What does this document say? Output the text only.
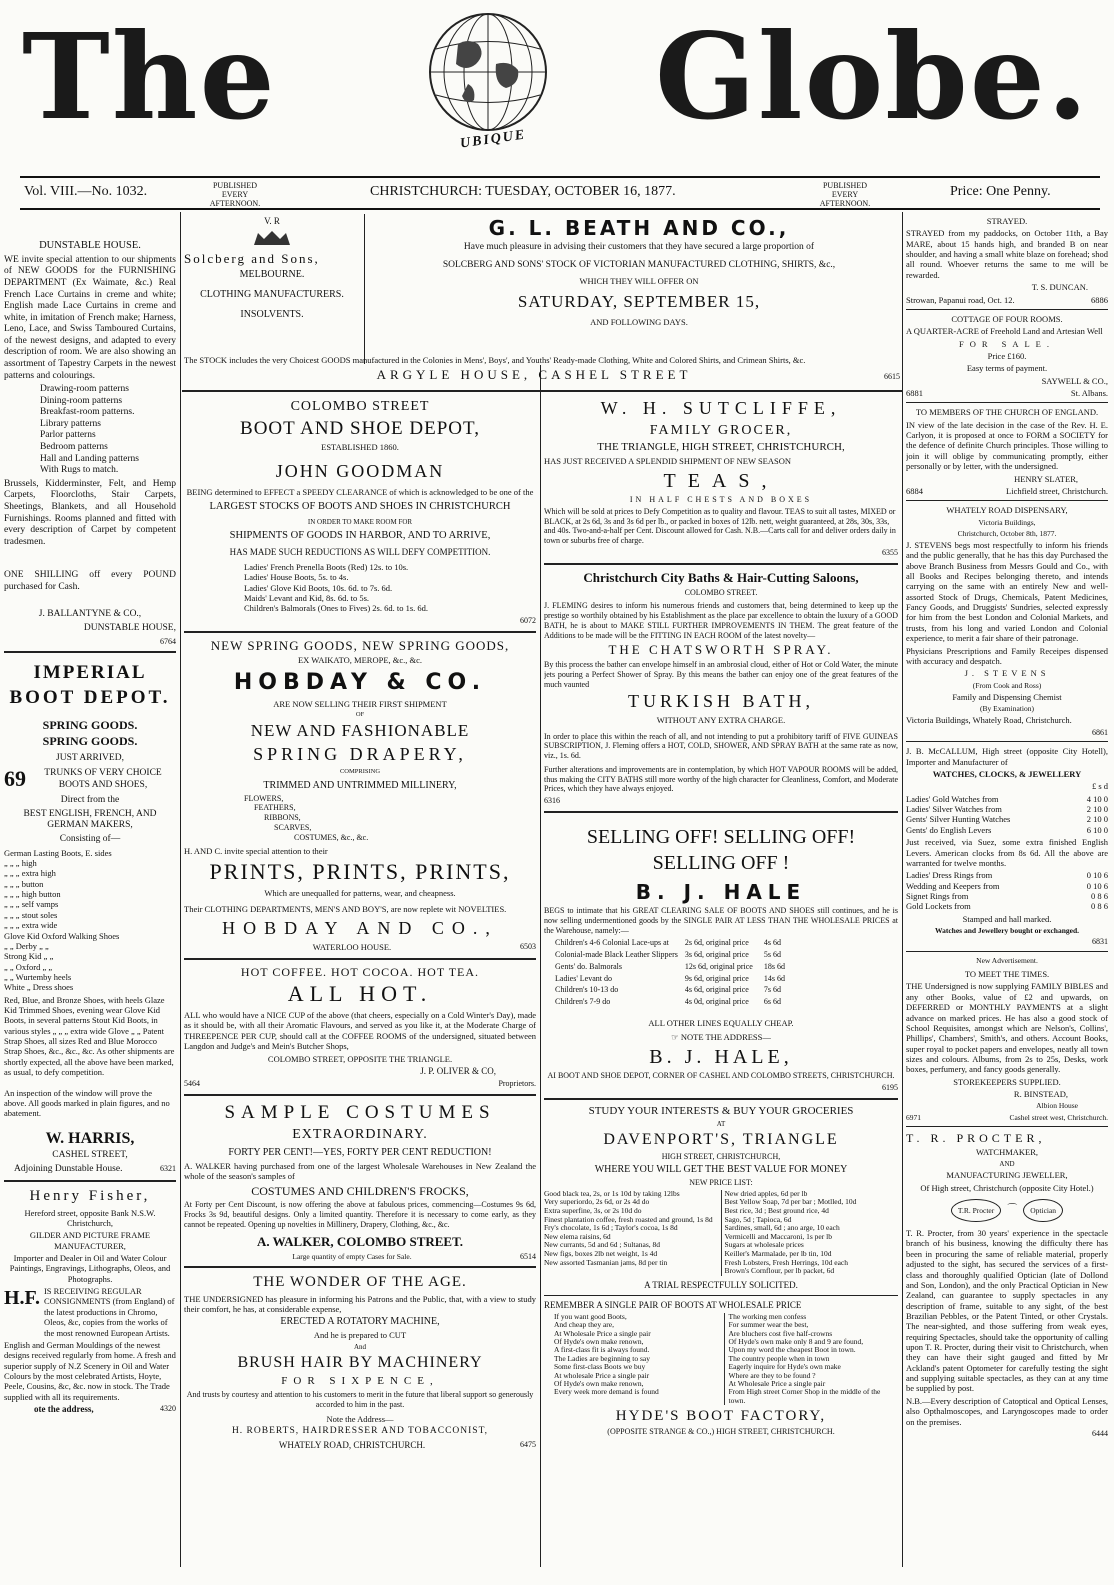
The	UBIQUE Globe.
Vol. VIII.—No. 1032.	PUBLISHED EVERY AFTERNOON.
CHRISTCHURCH: TUESDAY, OCTOBER 16, 1877.	PUBLISHED EVERY AFTERNOON.
Price: One Penny.

DUNSTABLE HOUSE.

WE invite special attention to our shipments of NEW GOODS for the FURNISHING DEPARTMENT (Ex Waimate, &c.) Real French Lace Curtains in creme and white; English made Lace Curtains in creme and white, in imitation of French make; Harness, Leno, Lace, and Swiss Tamboured Curtains, of the newest designs, and adapted to every description of room. We are also showing an assortment of Tapestry Carpets in the newest patterns and colourings.

Drawing-room patterns
Dining-room patterns
Breakfast-room patterns.
Library patterns
Parlor patterns
Bedroom patterns
Hall and Landing patterns
With Rugs to match.

Brussels, Kidderminster, Felt, and Hemp Carpets, Floorcloths, Stair Carpets, Sheetings, Blankets, and all Household Furnishings. Rooms planned and fitted with every description of Carpet by competent tradesmen.

ONE SHILLING off every POUND purchased for Cash.

J. BALLANTYNE & CO.,

DUNSTABLE HOUSE,

6764

IMPERIAL

BOOT DEPOT.

SPRING GOODS.

SPRING GOODS.

JUST ARRIVED,

69	TRUNKS OF VERY CHOICE BOOTS AND SHOES,

Direct from the

BEST ENGLISH, FRENCH, AND GERMAN MAKERS,

Consisting of—

German Lasting Boots, E. sides
„ „ „ high
„ „ „ extra high
„ „ „ button
„ „ „ high button
„ „ „ self vamps
„ „ „ stout soles
„ „ „ extra wide
Glove Kid Oxford Walking Shoes
„ „ Derby „ „
Strong Kid „ „
„ „ Oxford „ „
„ „ Wurtemby heels
White „ Dress shoes

Red, Blue, and Bronze Shoes, with heels Glaze Kid Trimmed Shoes, evening wear Glove Kid Boots, in several patterns Stout Kid Boots, in various styles „ „ „ extra wide Glove „ „ Patent Strap Shoes, all sizes Red and Blue Morocco Strap Shoes, &c., &c., &c. As other shipments are shortly expected, all the above have been marked, as usual, to defy competition.

An inspection of the window will prove the above. All goods marked in plain figures, and no abatement.

W. HARRIS,

CASHEL STREET,

Adjoining Dunstable House.	6321

Henry Fisher,

Hereford street, opposite Bank N.S.W. Christchurch,

GILDER AND PICTURE FRAME MANUFACTURER,

Importer and Dealer in Oil and Water Colour Paintings, Engravings, Lithographs, Oleos, and Photographs.

H.F. IS RECEIVING REGULAR CONSIGNMENTS (from England) of the latest productions in Chromo, Oleos, &c, copies from the works of the most renowned European Artists.

English and German Mouldings of the newest designs received regularly from home. A fresh and superior supply of N.Z Scenery in Oil and Water Colours by the most celebrated Artists, Hoyte, Peele, Cousins, &c, &c. now in stock. The Trade supplied with all its requirements.

ote the address,	4320

V. R

Solcberg and Sons,

MELBOURNE.

CLOTHING MANUFACTURERS.

INSOLVENTS.

G. L. BEATH AND CO.,

Have much pleasure in advising their customers that they have secured a large proportion of

SOLCBERG AND SONS' STOCK OF VICTORIAN MANUFACTURED CLOTHING, SHIRTS, &c.,

WHICH THEY WILL OFFER ON

SATURDAY, SEPTEMBER 15,

AND FOLLOWING DAYS.

The STOCK includes the very Choicest GOODS manufactured in the Colonies in Mens', Boys', and Youths' Ready-made Clothing, White and Colored Shirts, and Crimean Shirts, &c.

ARGYLE HOUSE, CASHEL STREET	6615

COLOMBO STREET

BOOT AND SHOE DEPOT,

ESTABLISHED 1860.

JOHN GOODMAN

BEING determined to EFFECT a SPEEDY CLEARANCE of which is acknowledged to be one of the

LARGEST STOCKS OF BOOTS AND SHOES IN CHRISTCHURCH

IN ORDER TO MAKE ROOM FOR

SHIPMENTS OF GOODS IN HARBOR, AND TO ARRIVE,

HAS MADE SUCH REDUCTIONS AS WILL DEFY COMPETITION.

Ladies' French Prenella Boots (Red) 12s. to 10s.
Ladies' House Boots, 5s. to 4s.
Ladies' Glove Kid Boots, 10s. 6d. to 7s. 6d.
Maids' Levant and Kid, 8s. 6d. to 5s.
Children's Balmorals (Ones to Fives) 2s. 6d. to 1s. 6d.

6072

NEW SPRING GOODS, NEW SPRING GOODS,

EX WAIKATO, MEROPE, &c., &c.

HOBDAY & CO.

ARE NOW SELLING THEIR FIRST SHIPMENT

OF

NEW AND FASHIONABLE

SPRING DRAPERY,

COMPRISING

TRIMMED AND UNTRIMMED MILLINERY,

FLOWERS,
FEATHERS,
RIBBONS,
SCARVES,
COSTUMES, &c., &c.

H. AND C. invite special attention to their

PRINTS, PRINTS, PRINTS,

Which are unequalled for patterns, wear, and cheapness.

Their CLOTHING DEPARTMENTS, MEN'S AND BOY'S, are now replete wit NOVELTIES.

HOBDAY AND CO.,

WATERLOO HOUSE.	6503

HOT COFFEE. HOT COCOA. HOT TEA.

ALL HOT.

ALL who would have a NICE CUP of the above (that cheers, especially on a Cold Winter's Day), made as it should be, with all their Aromatic Flavours, and served as you like it, at the Moderate Charge of THREEPENCE PER CUP, should call at the COFFEE ROOMS of the undersigned, situated between Langdon and Judge's and Mein's Butcher Shops,

COLOMBO STREET, OPPOSITE THE TRIANGLE.

J. P. OLIVER & CO,

5464	Proprietors.

SAMPLE COSTUMES

EXTRAORDINARY.

FORTY PER CENT!—YES, FORTY PER CENT REDUCTION!

A. WALKER having purchased from one of the largest Wholesale Warehouses in New Zealand the whole of the season's samples of

COSTUMES AND CHILDREN'S FROCKS,

At Forty per Cent Discount, is now offering the above at fabulous prices, commencing—Costumes 9s 6d, Frocks 3s 9d, beautiful designs. Only a limited quantity. Therefore it is necessary to come early, as they cannot be repeated. Opening up novelties in Millinery, Drapery, Clothing, &c., &c.

A. WALKER, COLOMBO STREET.

Large quantity of empty Cases for Sale.	6514

THE WONDER OF THE AGE.

THE UNDERSIGNED has pleasure in informing his Patrons and the Public, that, with a view to study their comfort, he has, at considerable expense,

ERECTED A ROTATORY MACHINE,

And he is prepared to CUT

And

BRUSH HAIR BY MACHINERY

FOR SIXPENCE,

And trusts by courtesy and attention to his customers to merit in the future that liberal support so generously accorded to him in the past.

Note the Address—

H. ROBERTS, HAIRDRESSER AND TOBACCONIST,

WHATELY ROAD, CHRISTCHURCH.	6475

W. H. SUTCLIFFE,

FAMILY GROCER,

THE TRIANGLE, HIGH STREET, CHRISTCHURCH,

HAS JUST RECEIVED A SPLENDID SHIPMENT OF NEW SEASON

TEAS,

IN HALF CHESTS AND BOXES

Which will be sold at prices to Defy Competition as to quality and flavour. TEAS to suit all tastes, MIXED or BLACK, at 2s 6d, 3s and 3s 6d per lb., or packed in boxes of 12lb. nett, weight guaranteed, at 28s, 30s, 33s, and 40s. Two-and-a-half per Cent. Discount allowed for Cash. N.B.—Carts call for and deliver orders daily in town or suburbs free of charge.

6355

Christchurch City Baths & Hair-Cutting Saloons,

COLOMBO STREET.

J. FLEMING desires to inform his numerous friends and customers that, being determined to keep up the prestige so worthily obtained by his Establishment as the place par excellence to obtain the luxury of a GOOD BATH, he is about to MAKE STILL FURTHER IMPROVEMENTS IN THEM. The great feature of the Additions to be made will be the FITTING IN EACH ROOM of the latest novelty—

THE CHATSWORTH SPRAY.

By this process the bather can envelope himself in an ambrosial cloud, either of Hot or Cold Water, the minute jets pouring a Perfect Shower of Spray. By this means the bather can enjoy one of the great features of the much vaunted

TURKISH BATH,

WITHOUT ANY EXTRA CHARGE.

In order to place this within the reach of all, and not intending to put a prohibitory tariff of FIVE GUINEAS SUBSCRIPTION, J. Fleming offers a HOT, COLD, SHOWER, AND SPRAY BATH at the same rate as now, viz., 1s. 6d.

Further alterations and improvements are in contemplation, by which HOT VAPOUR ROOMS will be added, thus making the CITY BATHS still more worthy of the high character for Cleanliness, Comfort, and Moderate Prices, which they have always enjoyed.

6316

SELLING OFF! SELLING OFF!

SELLING OFF !

B. J. HALE

BEGS to intimate that his GREAT CLEARING SALE OF BOOTS AND SHOES still continues, and he is now selling undermentioned goods by the SINGLE PAIR AT LESS THAN THE WHOLESALE PRICES at the Warehouse, namely:—

Children's 4-6 Colonial Lace-ups at	2s 6d, original price	4s 6d
Colonial-made Black Leather Slippers	3s 6d, original price	5s 6d
Gents' do. Balmorals	12s 6d, original price	18s 6d
Ladies' Levant do	9s 6d, original price	14s 6d
Children's 10-13 do	4s 6d, original price	7s 6d
Children's 7-9 do	4s 0d, original price	6s 6d

ALL OTHER LINES EQUALLY CHEAP.

☞ NOTE THE ADDRESS—

B. J. HALE,

AI BOOT AND SHOE DEPOT, CORNER OF CASHEL AND COLOMBO STREETS, CHRISTCHURCH.

6195

STUDY YOUR INTERESTS & BUY YOUR GROCERIES

AT

DAVENPORT'S, TRIANGLE

HIGH STREET, CHRISTCHURCH,

WHERE YOU WILL GET THE BEST VALUE FOR MONEY

NEW PRICE LIST:

Good black tea, 2s, or 1s 10d by taking 12lbs
Very superiordo, 2s 6d, or 2s 4d do
Extra superfine, 3s, or 2s 10d do
Finest plantation coffee, fresh roasted and ground, 1s 8d
Fry's chocolate, 1s 6d ; Taylor's cocoa, 1s 8d
New elema raisins, 6d
New currants, 5d and 6d ; Sultanas, 8d
New figs, boxes 2lb net weight, 1s 4d
New assorted Tasmanian jams, 8d per tin
New dried apples, 6d per lb
Best Yellow Soap, 7d per bar ; Motlled, 10d
Best rice, 3d ; Best ground rice, 4d
Sago, 5d ; Tapioca, 6d
Sardines, small, 6d ; ano arge, 10 each
Vermicelli and Maccaroni, 1s per lb
Sugars at wholesale prices
Keiller's Marmalade, per lb tin, 10d
Fresh Lobsters, Fresh Herrings, 10d each
Brown's Cornflour, per lb packet, 6d

A TRIAL RESPECTFULLY SOLICITED.

REMEMBER A SINGLE PAIR OF BOOTS AT WHOLESALE PRICE

If you want good Boots,
And cheap they are,
At Wholesale Price a single pair
Of Hyde's own make renown,
A first-class fit is always found.
The Ladies are beginning to say
Some first-class Boots we buy
At wholesale Price a single pair
Of Hyde's own make renown,
Every week more demand is found
The working men confess
For summer wear the best,
Are bluchers cost five half-crowns
Of Hyde's own make only 8 and 9 are found,
Upon my word the cheapest Boot in town.
The country people when in town
Eagerly inquire for Hyde's own make
Where are they to be found ?
At Wholesale Price a single pair
From High street Corner Shop in the middle of the town.

HYDE'S BOOT FACTORY,

(OPPOSITE STRANGE & CO.,) HIGH STREET, CHRISTCHURCH.

STRAYED.

STRAYED from my paddocks, on October 11th, a Bay MARE, about 15 hands high, and branded B on near shoulder, and having a small white blaze on forehead; shod all round. Whoever returns the same to me will be rewarded.

T. S. DUNCAN.

Strowan, Papanui road, Oct. 12.	6886

COTTAGE OF FOUR ROOMS.

A QUARTER-ACRE of Freehold Land and Artesian Well

FOR SALE.

Price £160.

Easy terms of payment.

SAYWELL & CO.,

6881	St. Albans.

TO MEMBERS OF THE CHURCH OF ENGLAND.

IN view of the late decision in the case of the Rev. H. E. Carlyon, it is proposed at once to FORM a SOCIETY for the defence of definite Church principles. Those willing to join it will oblige by communicating promptly, either personally or by letter, with the undersigned.

HENRY SLATER,

6884	Lichfield street, Christchurch.

WHATELY ROAD DISPENSARY,

Victoria Buildings,

Christchurch, October 8th, 1877.

J. STEVENS begs most respectfully to inform his friends and the public generally, that he has this day Purchased the above Branch Business from Messrs Gould and Co., with all Books and Recipes belonging thereto, and intends carrying on the same with an entirely New and well-assorted Stock of Drugs, Chemicals, Patent Medicines, Fancy Goods, and Druggists' Sundries, selected expressly for him from the best London and Colonial Markets, and trusts, from his long and varied London and Colonial experience, to merit a fair share of their patronage.

Physicians Prescriptions and Family Receipes dispensed with accuracy and despatch.

J. STEVENS

(From Cook and Ross)

Family and Dispensing Chemist

(By Examination)

Victoria Buildings, Whately Road, Christchurch.

6861

J. B. McCALLUM, High street (opposite City Hotell), Importer and Manufacturer of

WATCHES, CLOCKS, & JEWELLERY

£ s d

Ladies' Gold Watches from	4 10 0
Ladies' Silver Watches from	2 10 0
Gents' Silver Hunting Watches	2 10 0
Gents' do English Levers	6 10 0

Just received, via Suez, some extra finished English Levers. American clocks from 8s 6d. All the above are warranted for twelve months.

Ladies' Dress Rings from	0 10 6
Wedding and Keepers from	0 10 6
Signet Rings from	0 8 6
Gold Lockets from	0 8 6

Stamped and hall marked.

Watches and Jewellery bought or exchanged.

6831

New Advertisement.

TO MEET THE TIMES.

THE Undersigned is now supplying FAMILY BIBLES and any other Books, value of £2 and upwards, on DEFERRED or MONTHLY PAYMENTS at a slight advance on marked prices. He has also a good stock of School Requisites, amongst which are Nelson's, Collins', Phillips', Chambers', Smith's, and others. Account Books, super royal to pocket papers and envelopes, neatly all town sizes and colours. Albums, from 2s to 25s, Desks, work boxes, perfumery, and fancy goods generally.

STOREKEEPERS SUPPLIED.

R. BINSTEAD,

Albion House

6971	Cashel street west, Christchurch.

T. R. PROCTER,

WATCHMAKER,

AND

MANUFACTURING JEWELLER,

Of High street, Christchurch (opposite City Hotel.)

T.R. Procter	⌒	Optician

T. R. Procter, from 30 years' experience in the spectacle branch of his business, knowing the difficulty there has been in procuring the same of reliable material, properly adjusted to the sight, has secured the services of a first-class and thoroughly qualified Optician (late of Dollond and Son, London), and the only Practical Optician in New Zealand, can guarantee to supply spectacles in any description of frame, suitable to any sight, of the best Brazilian Pebbles, or the Patent Tinted, or other Crystals. The near-sighted, and those suffering from weak eyes, requiring Spectacles, should take the opportunity of calling upon T. R. Procter, during their visit to Christchurch, when they can have their sight gauged and fitted by Mr Ackland's patent Optometer for carefully testing the sight and supplying suitable spectacles, as they can at any time be supplied by post.

N.B.—Every description of Catoptical and Optical Lenses, also Opthalmoscopes, and Laryngoscopes made to order on the premises.

6444
